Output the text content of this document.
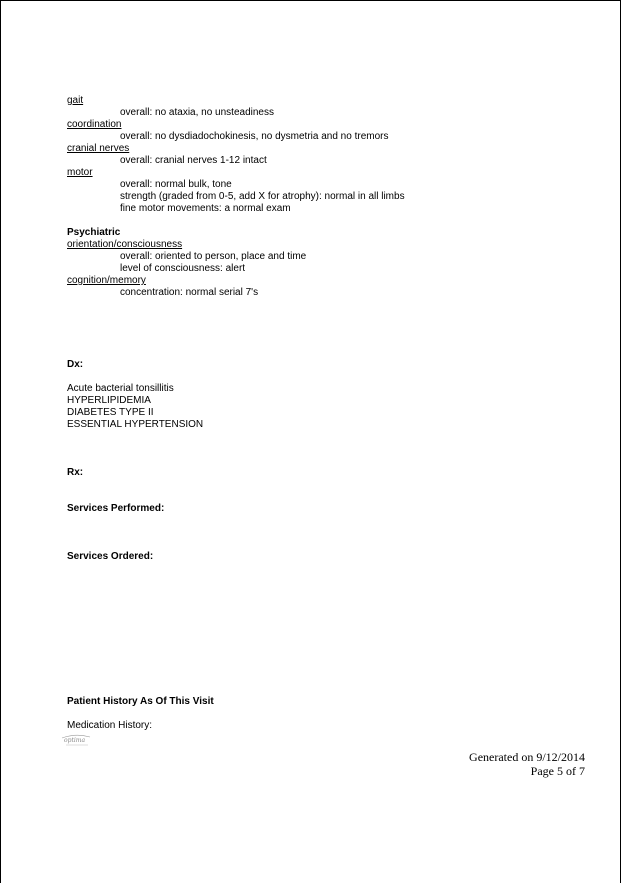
gait
overall: no ataxia, no unsteadiness
coordination
overall: no dysdiadochokinesis, no dysmetria and no tremors
cranial nerves
overall: cranial nerves 1-12 intact
motor
overall: normal bulk, tone
strength (graded from 0-5, add X for atrophy): normal in all limbs
fine motor movements: a normal exam
Psychiatric
orientation/consciousness
overall: oriented to person, place and time
level of consciousness: alert
cognition/memory
concentration: normal serial 7's
Dx:
Acute bacterial tonsillitis
HYPERLIPIDEMIA
DIABETES TYPE II
ESSENTIAL HYPERTENSION
Rx:
Services Performed:
Services Ordered:
Patient History As Of This Visit
Medication History:
optima
Generated on 9/12/2014
Page 5 of 7
